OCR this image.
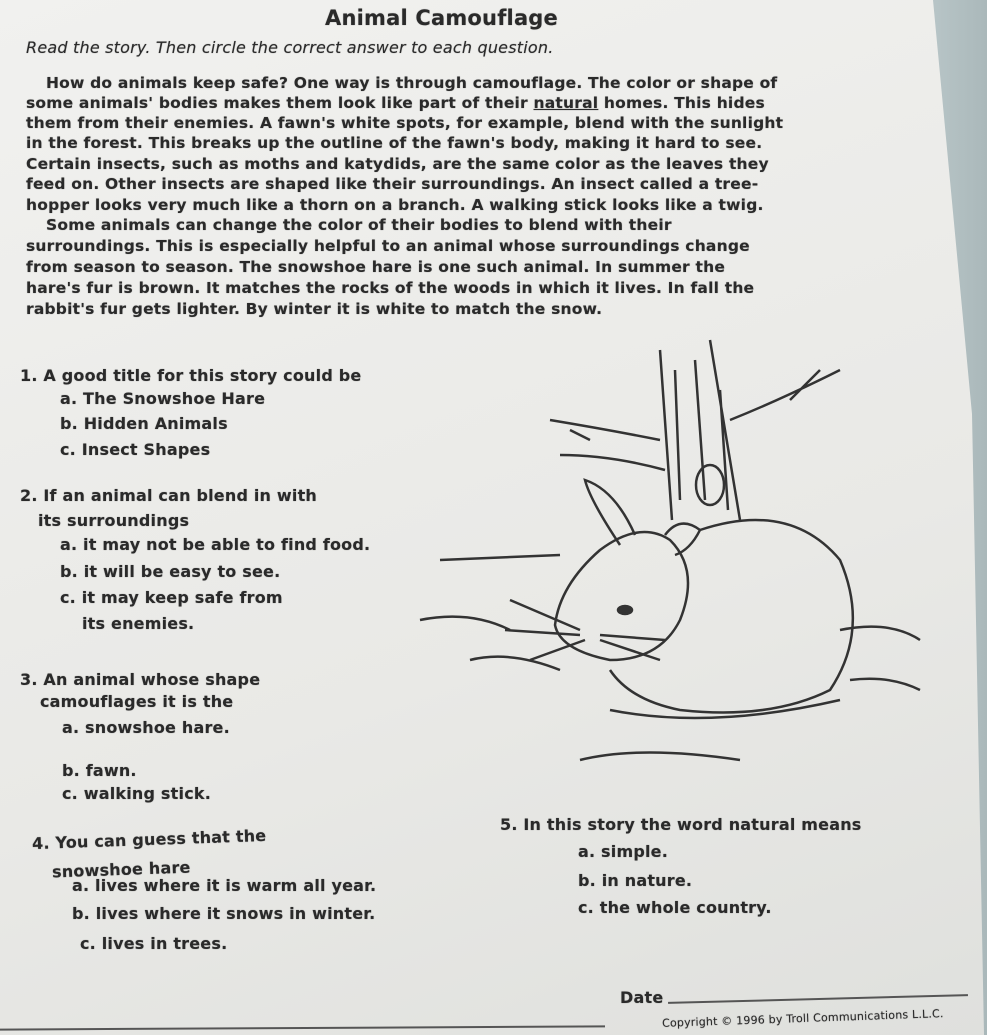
Animal Camouflage
Read the story. Then circle the correct answer to each question.
How do animals keep safe? One way is through camouflage. The color or shape of
some animals' bodies makes them look like part of their natural homes. This hides
them from their enemies. A fawn's white spots, for example, blend with the sunlight
in the forest. This breaks up the outline of the fawn's body, making it hard to see.
Certain insects, such as moths and katydids, are the same color as the leaves they
feed on. Other insects are shaped like their surroundings. An insect called a tree-
hopper looks very much like a thorn on a branch. A walking stick looks like a twig.
Some animals can change the color of their bodies to blend with their
surroundings. This is especially helpful to an animal whose surroundings change
from season to season. The snowshoe hare is one such animal. In summer the
hare's fur is brown. It matches the rocks of the woods in which it lives. In fall the
rabbit's fur gets lighter. By winter it is white to match the snow.
1. A good title for this story could be
a. The Snowshoe Hare
b. Hidden Animals
c. Insect Shapes
2. If an animal can blend in with
its surroundings
a. it may not be able to find food.
b. it will be easy to see.
c. it may keep safe from
its enemies.
3. An animal whose shape
camouflages it is the
a. snowshoe hare.
b. fawn.
c. walking stick.
4. You can guess that the
snowshoe hare
a. lives where it is warm all year.
b. lives where it snows in winter.
c. lives in trees.
5. In this story the word natural means
a. simple.
b. in nature.
c. the whole country.
Date
Copyright © 1996 by Troll Communications L.L.C.
